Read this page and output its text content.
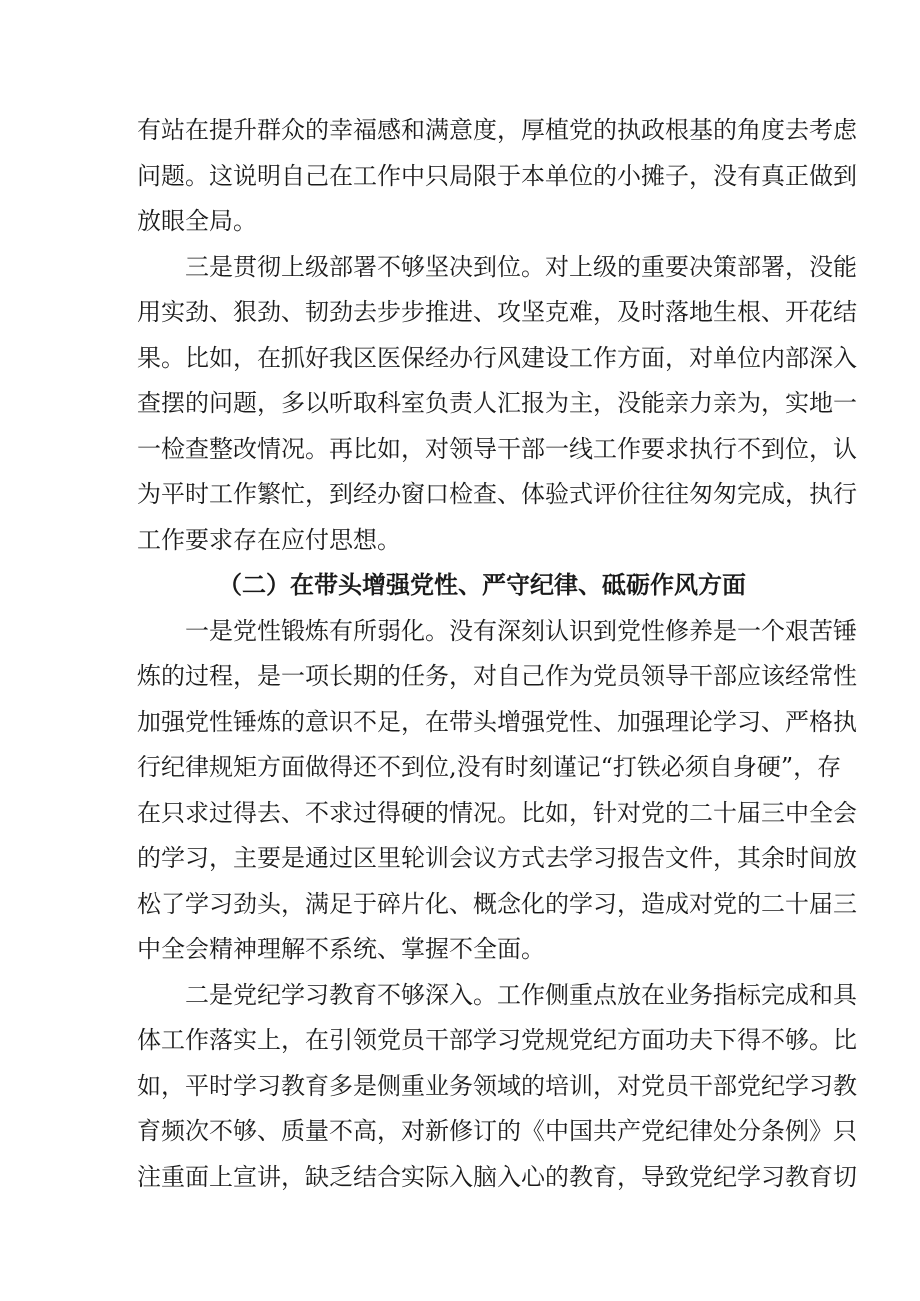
有站在提升群众的幸福感和满意度，厚植党的执政根基的角度去考虑
问题。这说明自己在工作中只局限于本单位的小摊子，没有真正做到
放眼全局。
三是贯彻上级部署不够坚决到位。对上级的重要决策部署，没能
用实劲、狠劲、韧劲去步步推进、攻坚克难，及时落地生根、开花结
果。比如，在抓好我区医保经办行风建设工作方面，对单位内部深入
查摆的问题，多以听取科室负责人汇报为主，没能亲力亲为，实地一
一检查整改情况。再比如，对领导干部一线工作要求执行不到位，认
为平时工作繁忙，到经办窗口检查、体验式评价往往匆匆完成，执行
工作要求存在应付思想。
（二）在带头增强党性、严守纪律、砥砺作风方面
一是党性锻炼有所弱化。没有深刻认识到党性修养是一个艰苦锤
炼的过程，是一项长期的任务，对自己作为党员领导干部应该经常性
加强党性锤炼的意识不足，在带头增强党性、加强理论学习、严格执
行纪律规矩方面做得还不到位,没有时刻谨记“打铁必须自身硬”，存
在只求过得去、不求过得硬的情况。比如，针对党的二十届三中全会
的学习，主要是通过区里轮训会议方式去学习报告文件，其余时间放
松了学习劲头，满足于碎片化、概念化的学习，造成对党的二十届三
中全会精神理解不系统、掌握不全面。
二是党纪学习教育不够深入。工作侧重点放在业务指标完成和具
体工作落实上，在引领党员干部学习党规党纪方面功夫下得不够。比
如，平时学习教育多是侧重业务领域的培训，对党员干部党纪学习教
育频次不够、质量不高，对新修订的《中国共产党纪律处分条例》只
注重面上宣讲，缺乏结合实际入脑入心的教育，导致党纪学习教育切
